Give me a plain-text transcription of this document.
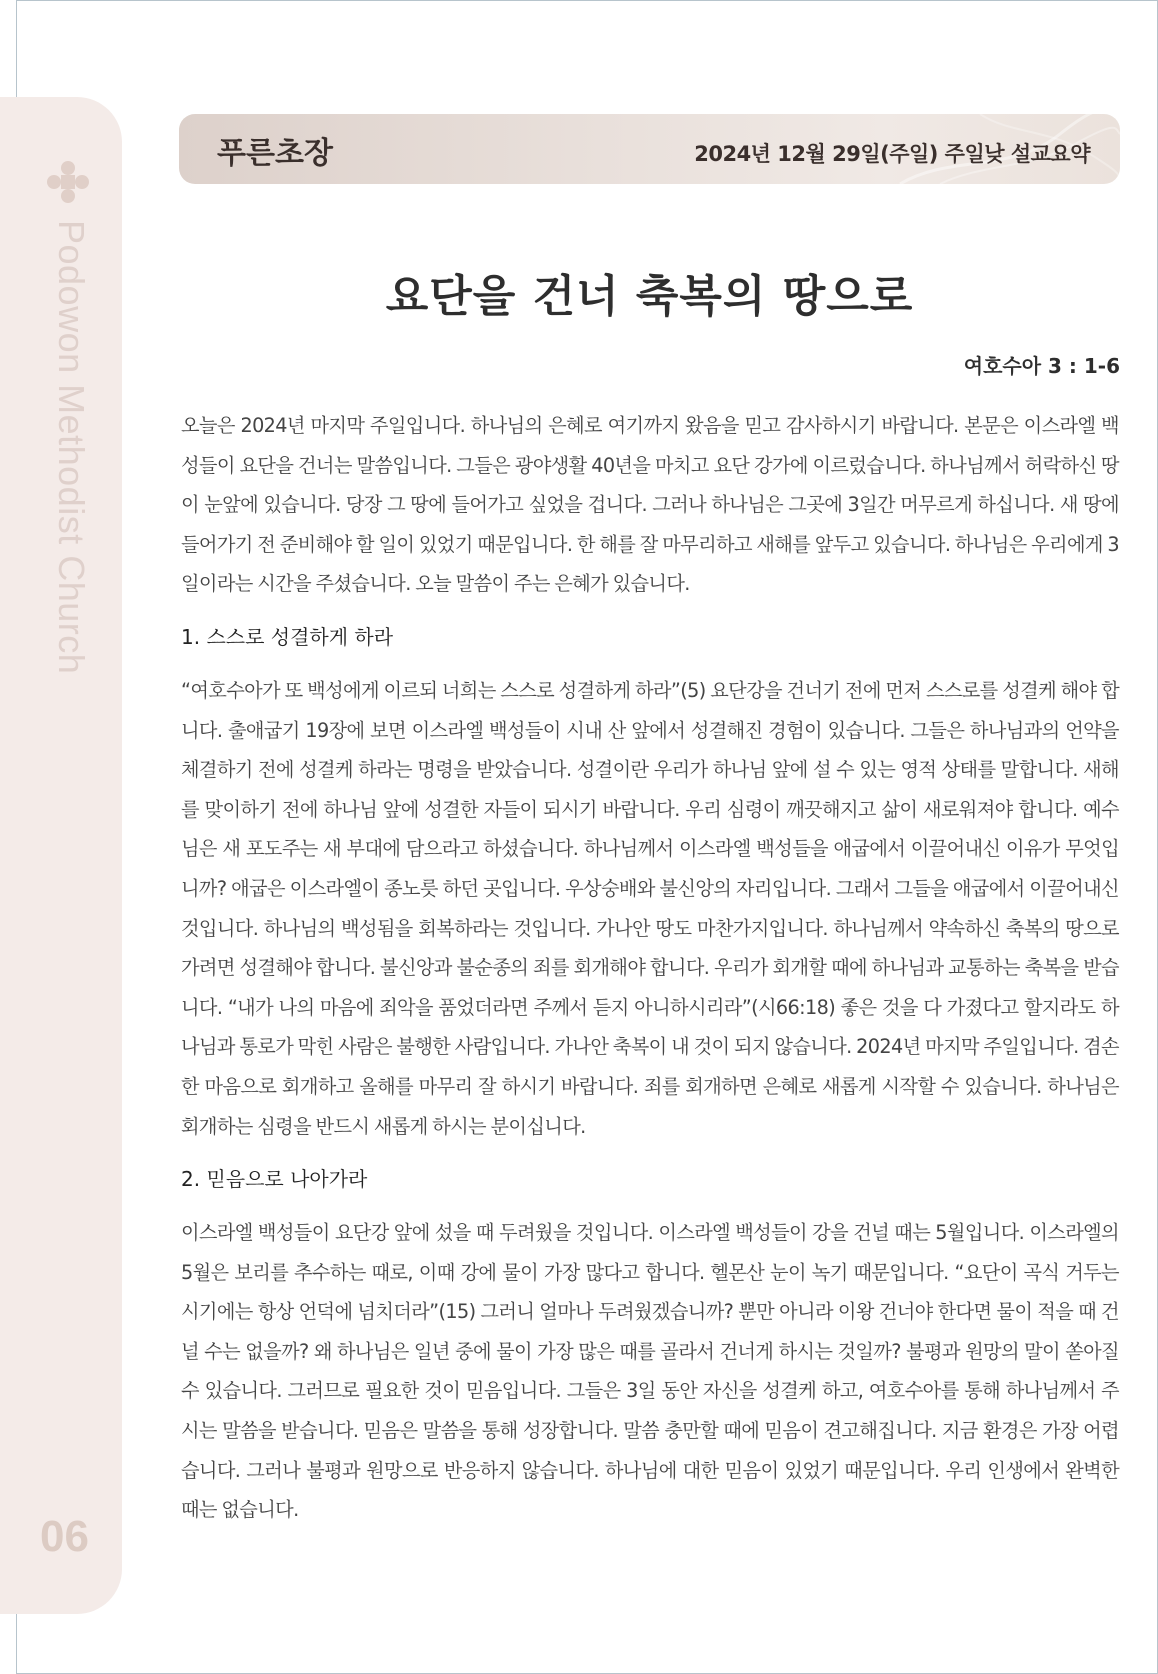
Podowon Methodist Church
06
푸른초장	2024년 12월 29일(주일) 주일낮 설교요약
요단을 건너 축복의 땅으로
여호수아 3 : 1-6

오늘은 2024년 마지막 주일입니다. 하나님의 은혜로 여기까지 왔음을 믿고 감사하시기 바랍니다. 본문은 이스라엘 백성들이 요단을 건너는 말씀입니다. 그들은 광야생활 40년을 마치고 요단 강가에 이르렀습니다. 하나님께서 허락하신 땅이 눈앞에 있습니다. 당장 그 땅에 들어가고 싶었을 겁니다. 그러나 하나님은 그곳에 3일간 머무르게 하십니다. 새 땅에 들어가기 전 준비해야 할 일이 있었기 때문입니다. 한 해를 잘 마무리하고 새해를 앞두고 있습니다. 하나님은 우리에게 3일이라는 시간을 주셨습니다. 오늘 말씀이 주는 은혜가 있습니다.

1. 스스로 성결하게 하라

“여호수아가 또 백성에게 이르되 너희는 스스로 성결하게 하라”(5) 요단강을 건너기 전에 먼저 스스로를 성결케 해야 합니다. 출애굽기 19장에 보면 이스라엘 백성들이 시내 산 앞에서 성결해진 경험이 있습니다. 그들은 하나님과의 언약을 체결하기 전에 성결케 하라는 명령을 받았습니다. 성결이란 우리가 하나님 앞에 설 수 있는 영적 상태를 말합니다. 새해를 맞이하기 전에 하나님 앞에 성결한 자들이 되시기 바랍니다. 우리 심령이 깨끗해지고 삶이 새로워져야 합니다. 예수님은 새 포도주는 새 부대에 담으라고 하셨습니다. 하나님께서 이스라엘 백성들을 애굽에서 이끌어내신 이유가 무엇입니까? 애굽은 이스라엘이 종노릇 하던 곳입니다. 우상숭배와 불신앙의 자리입니다. 그래서 그들을 애굽에서 이끌어내신 것입니다. 하나님의 백성됨을 회복하라는 것입니다. 가나안 땅도 마찬가지입니다. 하나님께서 약속하신 축복의 땅으로 가려면 성결해야 합니다. 불신앙과 불순종의 죄를 회개해야 합니다. 우리가 회개할 때에 하나님과 교통하는 축복을 받습니다. “내가 나의 마음에 죄악을 품었더라면 주께서 듣지 아니하시리라”(시66:18) 좋은 것을 다 가졌다고 할지라도 하나님과 통로가 막힌 사람은 불행한 사람입니다. 가나안 축복이 내 것이 되지 않습니다. 2024년 마지막 주일입니다. 겸손한 마음으로 회개하고 올해를 마무리 잘 하시기 바랍니다. 죄를 회개하면 은혜로 새롭게 시작할 수 있습니다. 하나님은 회개하는 심령을 반드시 새롭게 하시는 분이십니다.

2. 믿음으로 나아가라

이스라엘 백성들이 요단강 앞에 섰을 때 두려웠을 것입니다. 이스라엘 백성들이 강을 건널 때는 5월입니다. 이스라엘의 5월은 보리를 추수하는 때로, 이때 강에 물이 가장 많다고 합니다. 헬몬산 눈이 녹기 때문입니다. “요단이 곡식 거두는 시기에는 항상 언덕에 넘치더라”(15) 그러니 얼마나 두려웠겠습니까? 뿐만 아니라 이왕 건너야 한다면 물이 적을 때 건널 수는 없을까? 왜 하나님은 일년 중에 물이 가장 많은 때를 골라서 건너게 하시는 것일까? 불평과 원망의 말이 쏟아질 수 있습니다. 그러므로 필요한 것이 믿음입니다. 그들은 3일 동안 자신을 성결케 하고, 여호수아를 통해 하나님께서 주시는 말씀을 받습니다. 믿음은 말씀을 통해 성장합니다. 말씀 충만할 때에 믿음이 견고해집니다. 지금 환경은 가장 어렵습니다. 그러나 불평과 원망으로 반응하지 않습니다. 하나님에 대한 믿음이 있었기 때문입니다. 우리 인생에서 완벽한 때는 없습니다.
